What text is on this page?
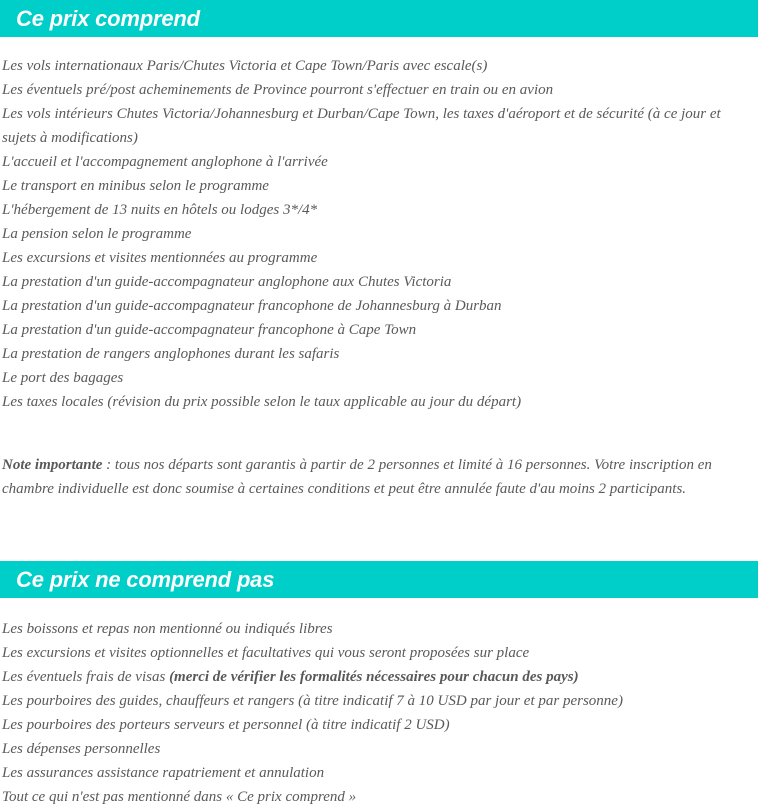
Ce prix comprend
Les vols internationaux Paris/Chutes Victoria et Cape Town/Paris avec escale(s)
Les éventuels pré/post acheminements de Province pourront s'effectuer en train ou en avion
Les vols intérieurs Chutes Victoria/Johannesburg et Durban/Cape Town, les taxes d'aéroport et de sécurité (à ce jour et sujets à modifications)
L'accueil et l'accompagnement anglophone à l'arrivée
Le transport en minibus selon le programme
L'hébergement de 13 nuits en hôtels ou lodges 3*/4*
La pension selon le programme
Les excursions et visites mentionnées au programme
La prestation d'un guide-accompagnateur anglophone aux Chutes Victoria
La prestation d'un guide-accompagnateur francophone de Johannesburg à Durban
La prestation d'un guide-accompagnateur francophone à Cape Town
La prestation de rangers anglophones durant les safaris
Le port des bagages
Les taxes locales (révision du prix possible selon le taux applicable au jour du départ)

Note importante : tous nos départs sont garantis à partir de 2 personnes et limité à 16 personnes. Votre inscription en chambre individuelle est donc soumise à certaines conditions et peut être annulée faute d'au moins 2 participants.

Ce prix ne comprend pas
Les boissons et repas non mentionné ou indiqués libres
Les excursions et visites optionnelles et facultatives qui vous seront proposées sur place
Les éventuels frais de visas (merci de vérifier les formalités nécessaires pour chacun des pays)
Les pourboires des guides, chauffeurs et rangers (à titre indicatif 7 à 10 USD par jour et par personne)
Les pourboires des porteurs serveurs et personnel (à titre indicatif 2 USD)
Les dépenses personnelles
Les assurances assistance rapatriement et annulation
Tout ce qui n'est pas mentionné dans « Ce prix comprend »
